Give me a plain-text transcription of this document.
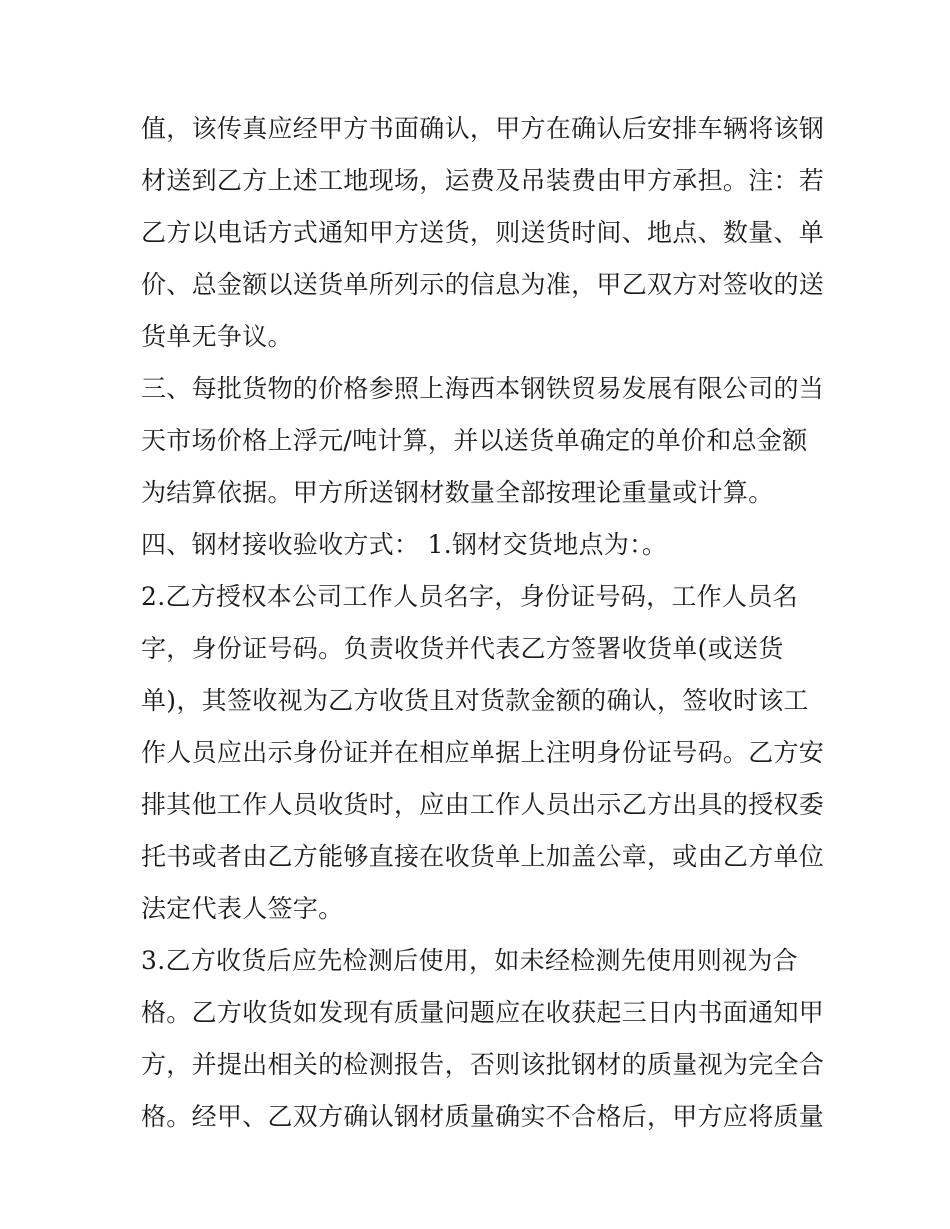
值，该传真应经甲方书面确认，甲方在确认后安排车辆将该钢
材送到乙方上述工地现场，运费及吊装费由甲方承担。注：若
乙方以电话方式通知甲方送货，则送货时间、地点、数量、单
价、总金额以送货单所列示的信息为准，甲乙双方对签收的送
货单无争议。
三、每批货物的价格参照上海西本钢铁贸易发展有限公司的当
天市场价格上浮元/吨计算，并以送货单确定的单价和总金额
为结算依据。甲方所送钢材数量全部按理论重量或计算。
四、钢材接收验收方式： 1.钢材交货地点为：。
2.乙方授权本公司工作人员名字，身份证号码，工作人员名
字，身份证号码。负责收货并代表乙方签署收货单(或送货
单)，其签收视为乙方收货且对货款金额的确认，签收时该工
作人员应出示身份证并在相应单据上注明身份证号码。乙方安
排其他工作人员收货时，应由工作人员出示乙方出具的授权委
托书或者由乙方能够直接在收货单上加盖公章，或由乙方单位
法定代表人签字。
3.乙方收货后应先检测后使用，如未经检测先使用则视为合
格。乙方收货如发现有质量问题应在收获起三日内书面通知甲
方，并提出相关的检测报告，否则该批钢材的质量视为完全合
格。经甲、乙双方确认钢材质量确实不合格后，甲方应将质量
